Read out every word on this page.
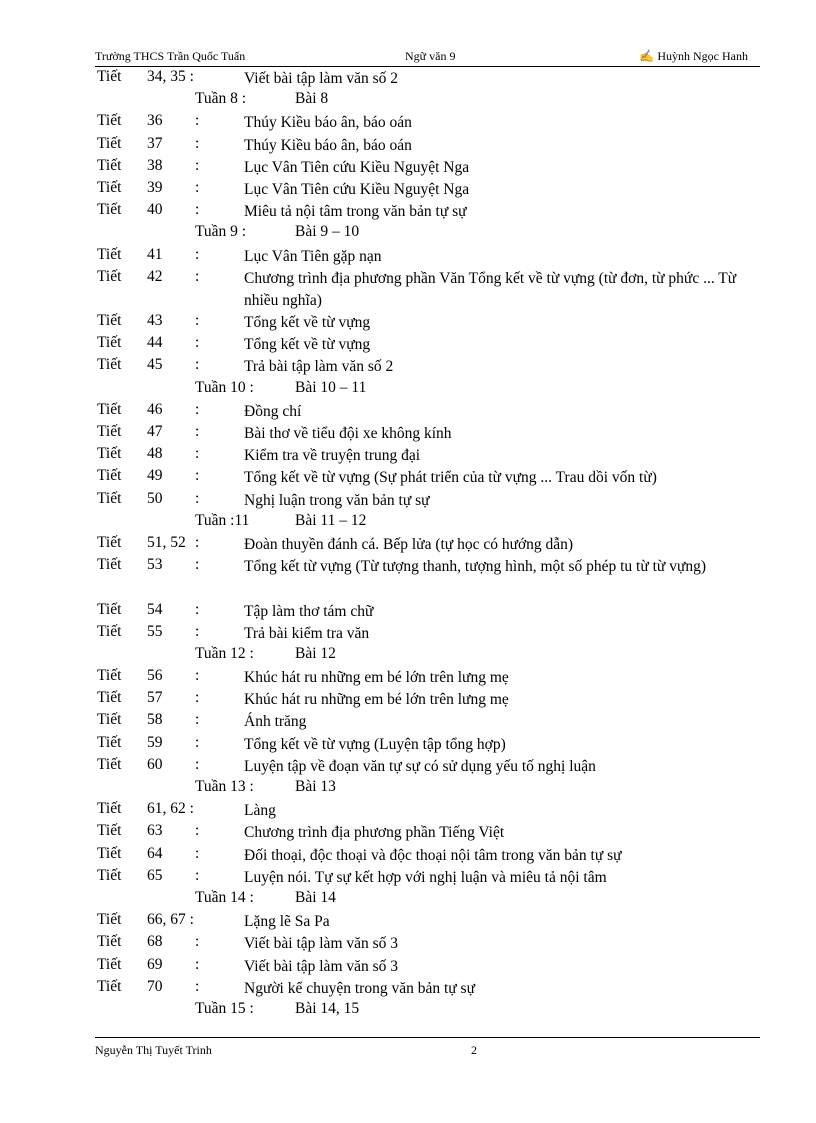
Trường THCS Trần Quốc Tuấn	Ngữ văn 9	✍ Huỳnh Ngọc Hanh
Tiết 34, 35 :	Viết bài tập làm văn số 2
Tuần 8 :	Bài 8
Tiết 36 :	Thúy Kiều báo ân, báo oán
Tiết 37 :	Thúy Kiều báo ân, báo oán
Tiết 38 :	Lục Vân Tiên cứu Kiều Nguyệt Nga
Tiết 39 :	Lục Vân Tiên cứu Kiều Nguyệt Nga
Tiết 40 :	Miêu tả nội tâm trong văn bản tự sự
Tuần 9 :	Bài 9 – 10
Tiết 41 :	Lục Vân Tiên gặp nạn
Tiết 42 :	Chương trình địa phương phần Văn Tổng kết về từ vựng (từ đơn, từ phức ... Từ nhiều nghĩa)
Tiết 43 :	Tổng kết về từ vựng
Tiết 44 :	Tổng kết về từ vựng
Tiết 45 :	Trả bài tập làm văn số 2
Tuần 10 :	Bài 10 – 11
Tiết 46 :	Đồng chí
Tiết 47 :	Bài thơ về tiểu đội xe không kính
Tiết 48 :	Kiểm tra về truyện trung đại
Tiết 49 :	Tổng kết về từ vựng (Sự phát triển của từ vựng ... Trau dồi vốn từ)
Tiết 50 :	Nghị luận trong văn bản tự sự
Tuần :11	Bài 11 – 12
Tiết 51, 52 :	Đoàn thuyền đánh cá. Bếp lửa (tự học có hướng dẫn)
Tiết 53 :	Tổng kết từ vựng (Từ tượng thanh, tượng hình, một số phép tu từ từ vựng)
Tiết 54 :	Tập làm thơ tám chữ
Tiết 55 :	Trả bài kiểm tra văn
Tuần 12 :	Bài 12
Tiết 56 :	Khúc hát ru những em bé lớn trên lưng mẹ
Tiết 57 :	Khúc hát ru những em bé lớn trên lưng mẹ
Tiết 58 :	Ánh trăng
Tiết 59 :	Tổng kết về từ vựng (Luyện tập tổng hợp)
Tiết 60 :	Luyện tập về đoạn văn tự sự có sử dụng yếu tố nghị luận
Tuần 13 :	Bài 13
Tiết 61, 62 :	Làng
Tiết 63 :	Chương trình địa phương phần Tiếng Việt
Tiết 64 :	Đối thoại, độc thoại và độc thoại nội tâm trong văn bản tự sự
Tiết 65 :	Luyện nói. Tự sự kết hợp với nghị luận và miêu tả nội tâm
Tuần 14 :	Bài 14
Tiết 66, 67 :	Lặng lẽ Sa Pa
Tiết 68 :	Viết bài tập làm văn số 3
Tiết 69 :	Viết bài tập làm văn số 3
Tiết 70 :	Người kể chuyện trong văn bản tự sự
Tuần 15 :	Bài 14, 15
Nguyễn Thị Tuyết Trinh	2
